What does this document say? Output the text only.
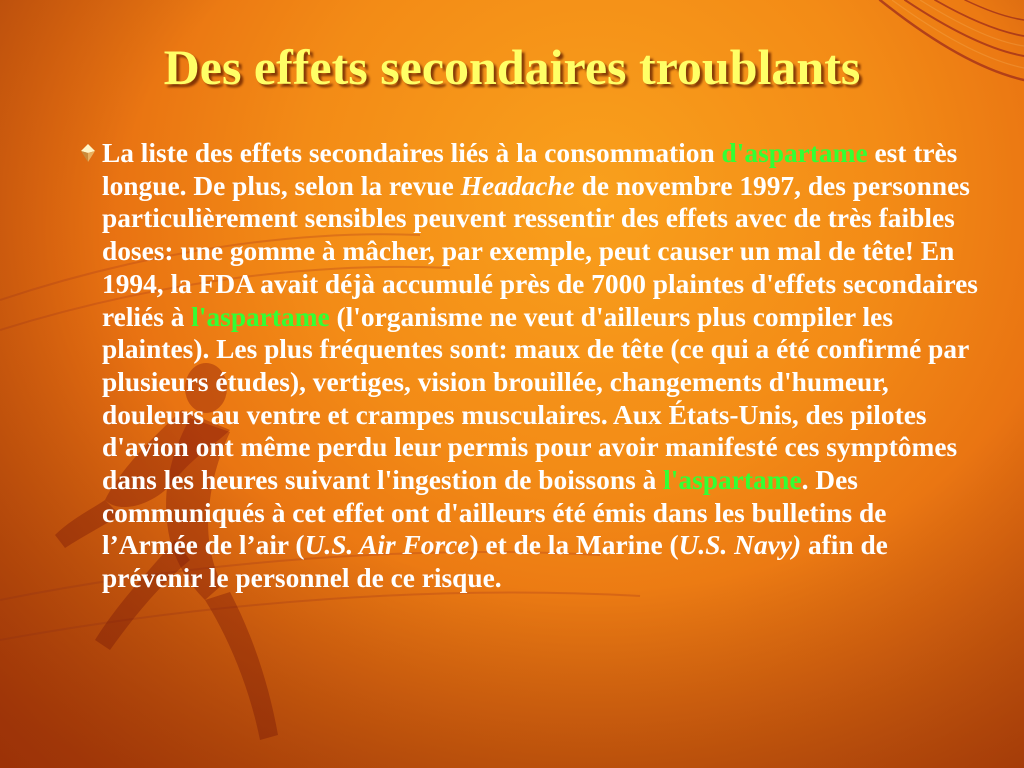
Des effets secondaires troublants

La liste des effets secondaires liés à la consommation d'aspartame est très longue. De plus, selon la revue Headache de novembre 1997, des personnes particulièrement sensibles peuvent ressentir des effets avec de très faibles doses: une gomme à mâcher, par exemple, peut causer un mal de tête! En 1994, la FDA avait déjà accumulé près de 7000 plaintes d'effets secondaires reliés à l'aspartame (l'organisme ne veut d'ailleurs plus compiler les plaintes). Les plus fréquentes sont: maux de tête (ce qui a été confirmé par plusieurs études), vertiges, vision brouillée, changements d'humeur, douleurs au ventre et crampes musculaires. Aux États-Unis, des pilotes d'avion ont même perdu leur permis pour avoir manifesté ces symptômes dans les heures suivant l'ingestion de boissons à l'aspartame. Des communiqués à cet effet ont d'ailleurs été émis dans les bulletins de l’Armée de l’air (U.S. Air Force) et de la Marine (U.S. Navy) afin de prévenir le personnel de ce risque.
